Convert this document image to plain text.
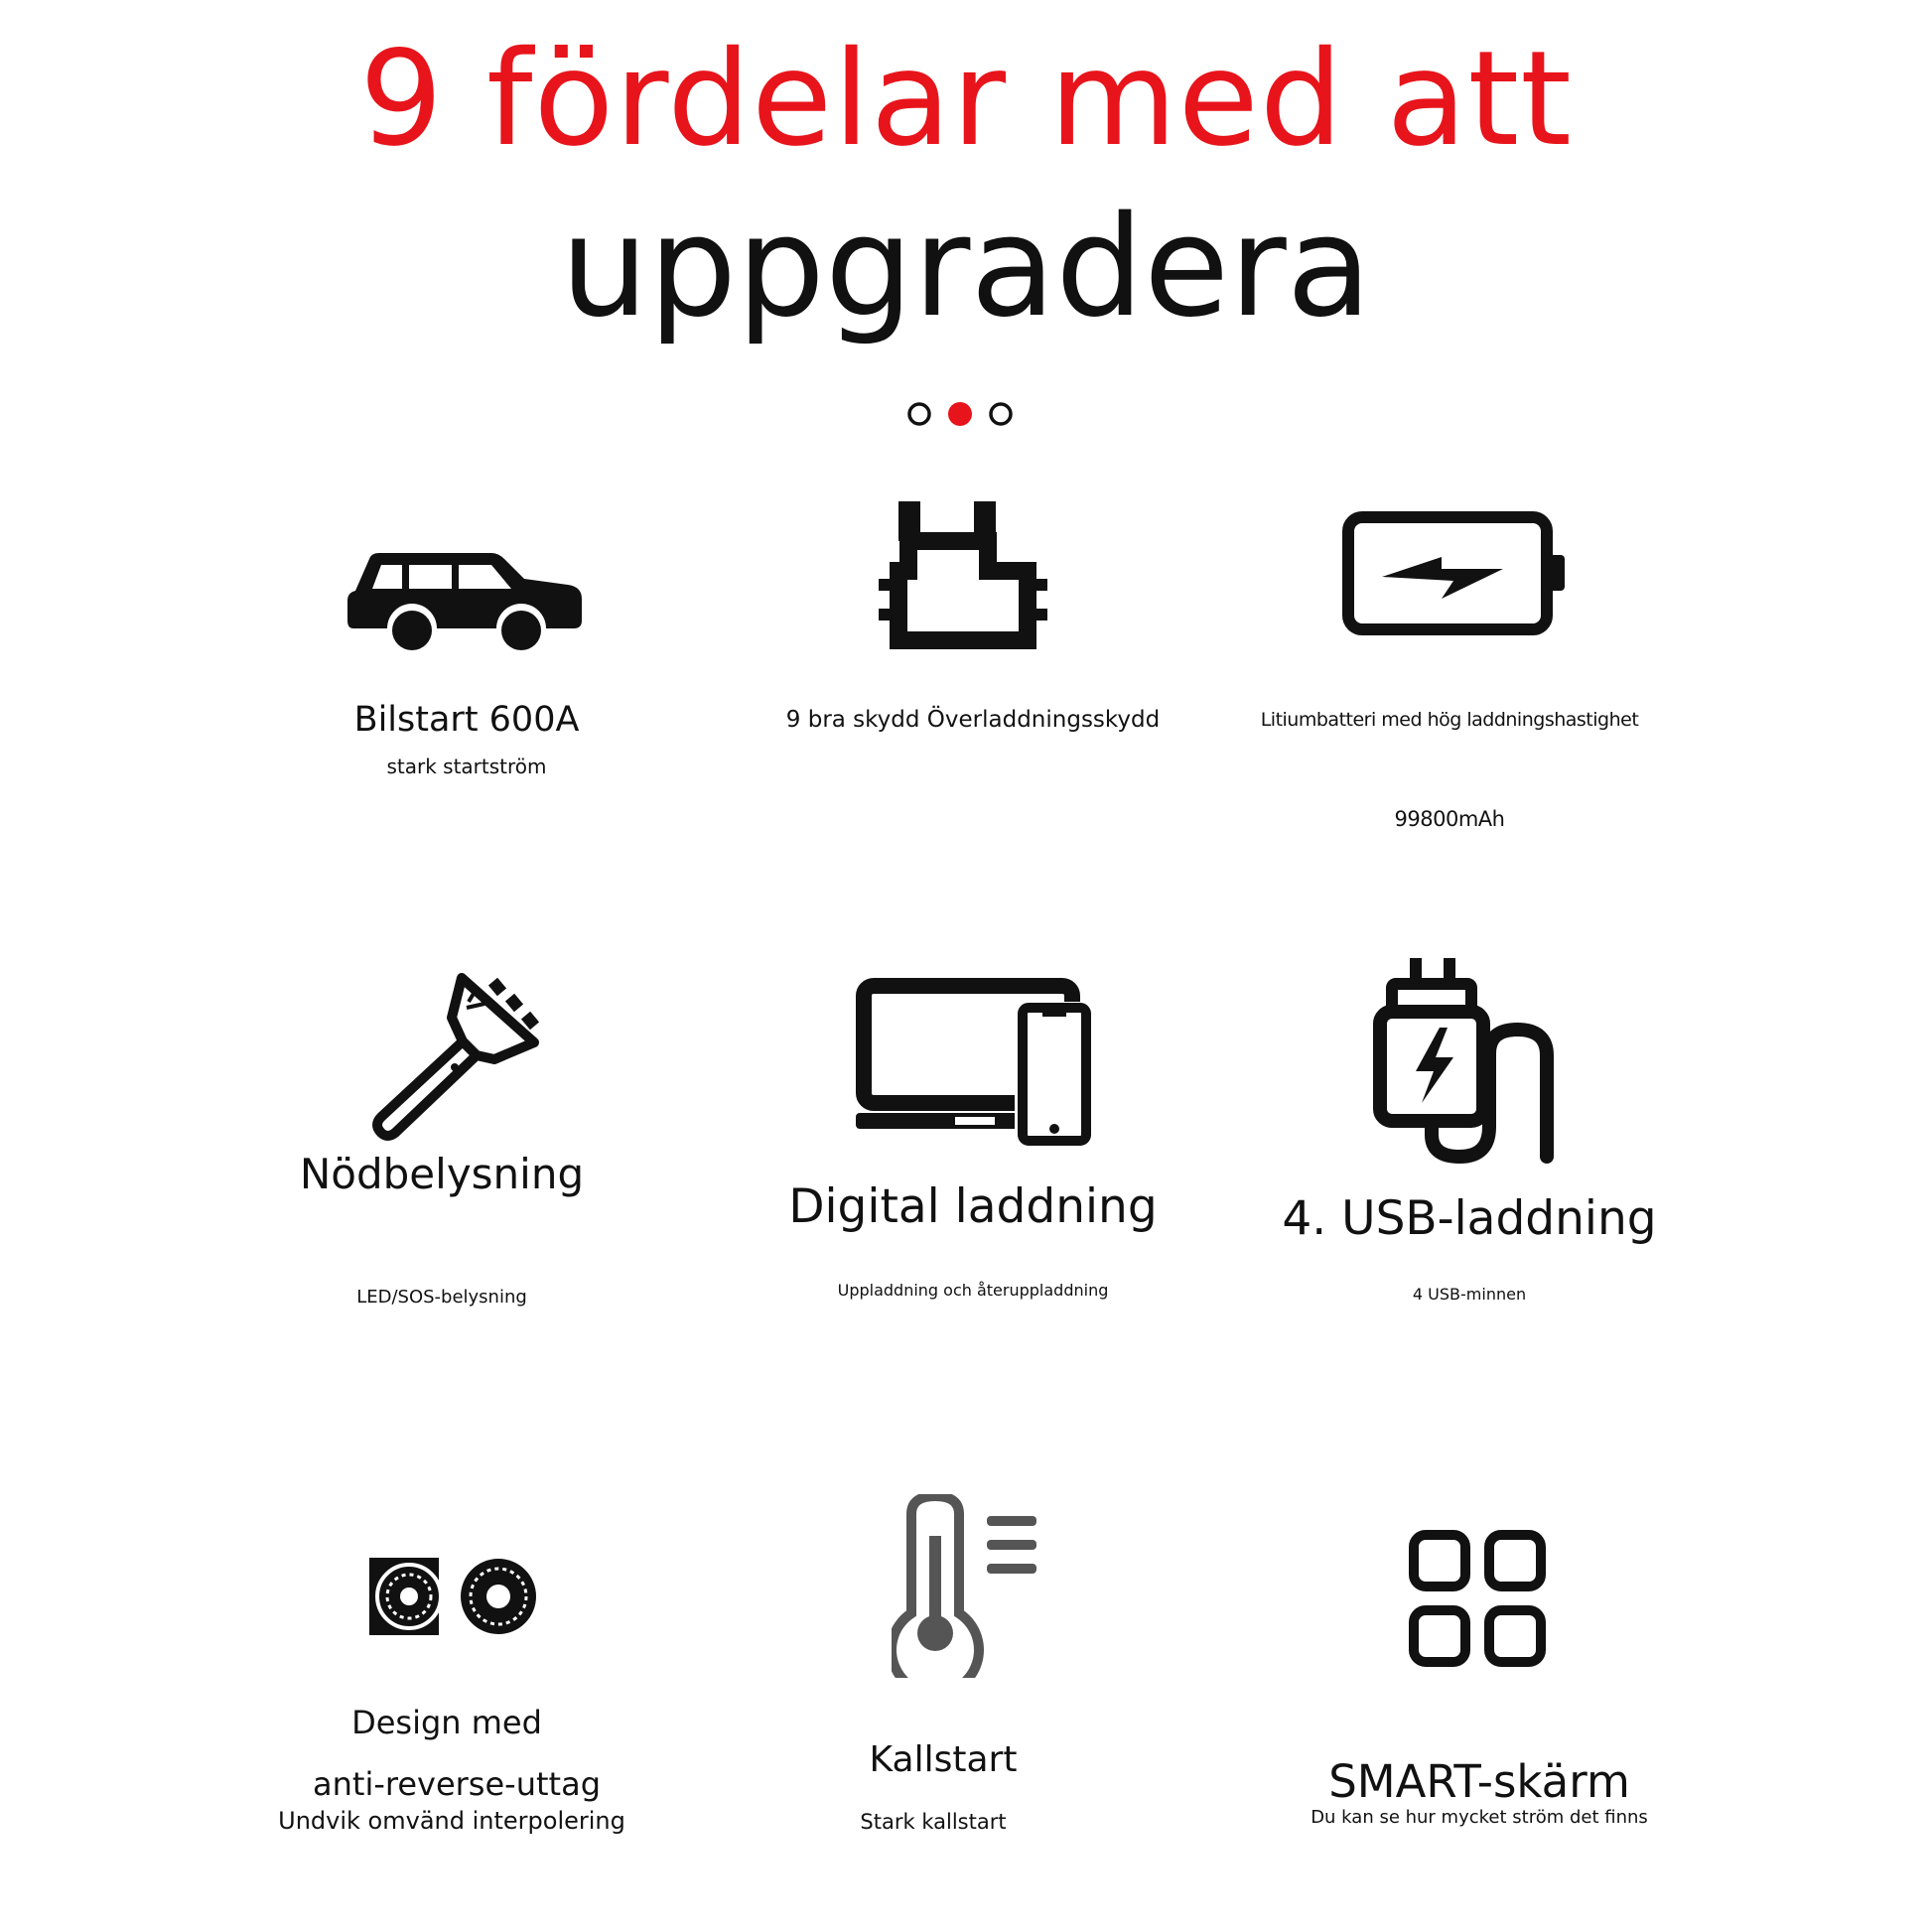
9 fördelar med att
uppgradera
Bilstart 600A
stark startström
9 bra skydd Överladdningsskydd	Litiumbatteri med hög laddningshastighet
99800mAh
Nödbelysning
LED/SOS-belysning
Digital laddning
Uppladdning och återuppladdning
4. USB-laddning
4 USB-minnen
Design med
anti-reverse-uttag
Undvik omvänd interpolering
Kallstart
Stark kallstart
SMART-skärm
Du kan se hur mycket ström det finns
